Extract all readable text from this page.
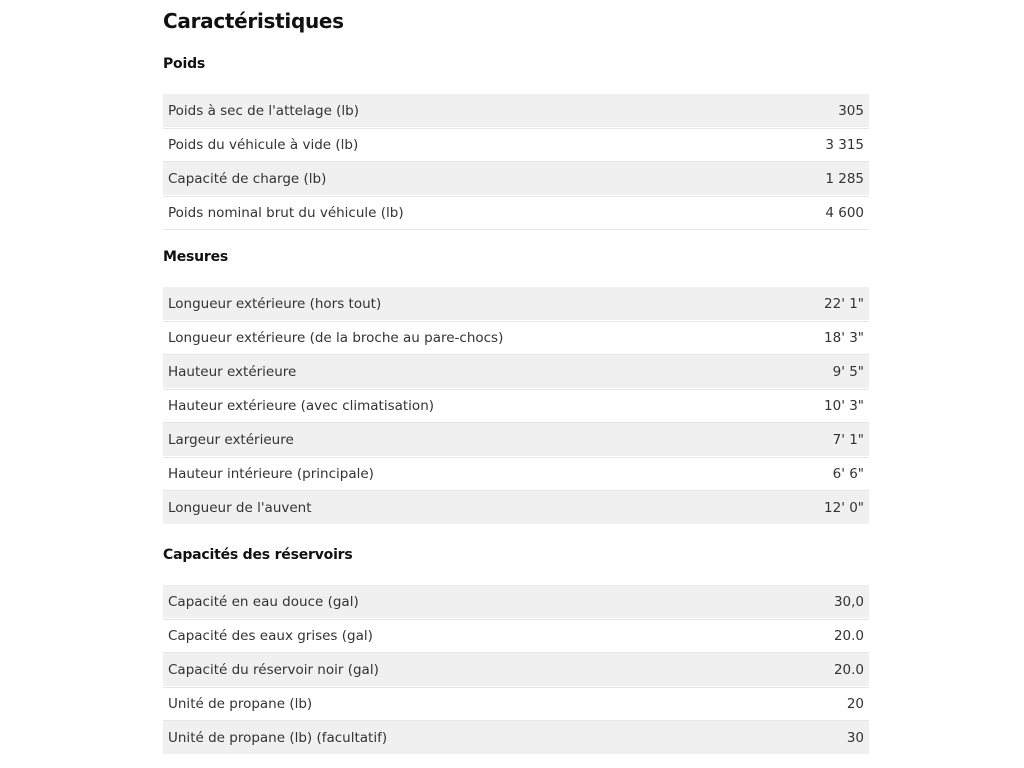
Caractéristiques
Poids
Poids à sec de l'attelage (lb)	305
Poids du véhicule à vide (lb)	3 315
Capacité de charge (lb)	1 285
Poids nominal brut du véhicule (lb)	4 600
Mesures
Longueur extérieure (hors tout)	22' 1"
Longueur extérieure (de la broche au pare-chocs)	18' 3"
Hauteur extérieure	9' 5"
Hauteur extérieure (avec climatisation)	10' 3"
Largeur extérieure	7' 1"
Hauteur intérieure (principale)	6' 6"
Longueur de l'auvent	12' 0"
Capacités des réservoirs
Capacité en eau douce (gal)	30,0
Capacité des eaux grises (gal)	20.0
Capacité du réservoir noir (gal)	20.0
Unité de propane (lb)	20
Unité de propane (lb) (facultatif)	30
